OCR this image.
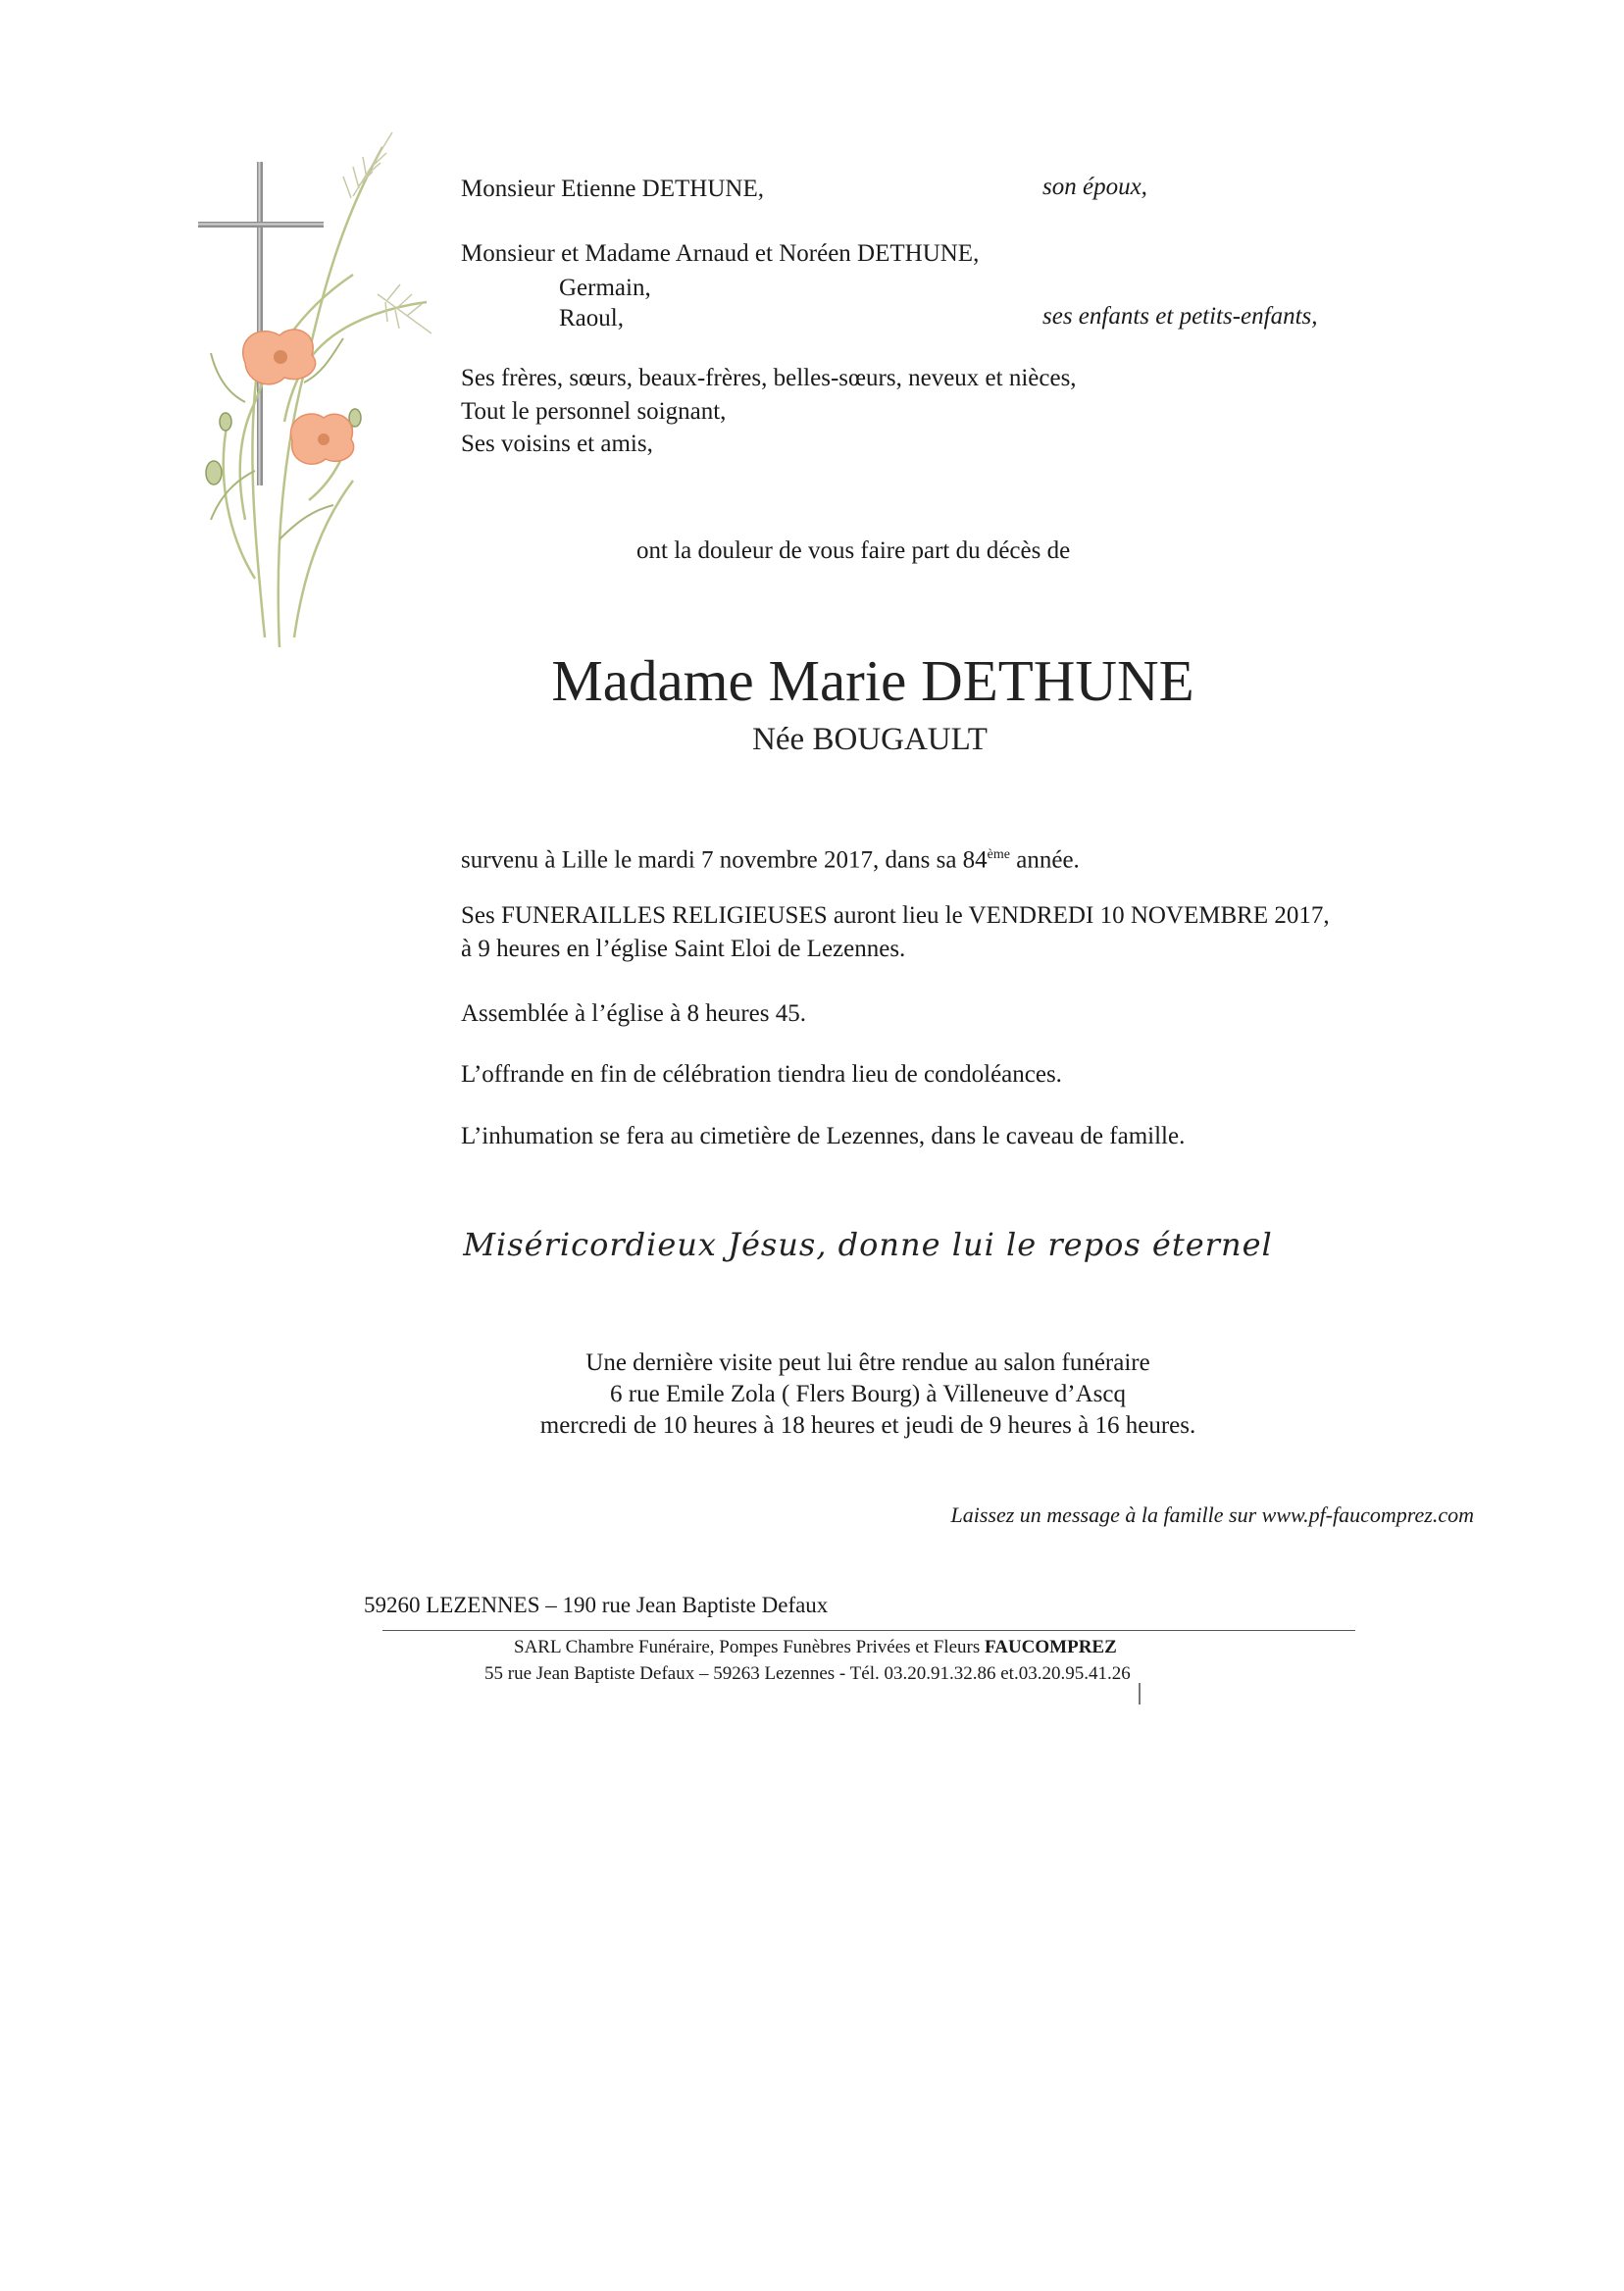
Monsieur Etienne DETHUNE,	son époux,
Monsieur et Madame Arnaud et Noréen DETHUNE,
Germain,
Raoul,	ses enfants et petits-enfants,
Ses frères, sœurs, beaux-frères, belles-sœurs, neveux et nièces,
Tout le personnel soignant,
Ses voisins et amis,
ont la douleur de vous faire part du décès de
Madame Marie DETHUNE
Née BOUGAULT
survenu à Lille le mardi 7 novembre 2017, dans sa 84ème année.
Ses FUNERAILLES RELIGIEUSES auront lieu le VENDREDI 10 NOVEMBRE 2017,
à 9 heures en l’église Saint Eloi de Lezennes.
Assemblée à l’église à 8 heures 45.
L’offrande en fin de célébration tiendra lieu de condoléances.
L’inhumation se fera au cimetière de Lezennes, dans le caveau de famille.
Miséricordieux Jésus, donne lui le repos éternel
Une dernière visite peut lui être rendue au salon funéraire
6 rue Emile Zola ( Flers Bourg) à Villeneuve d’Ascq
mercredi de 10 heures à 18 heures et jeudi de 9 heures à 16 heures.
Laissez un message à la famille sur www.pf-faucomprez.com
59260 LEZENNES – 190 rue Jean Baptiste Defaux
SARL Chambre Funéraire, Pompes Funèbres Privées et Fleurs FAUCOMPREZ
55 rue Jean Baptiste Defaux – 59263 Lezennes - Tél. 03.20.91.32.86 et.03.20.95.41.26
